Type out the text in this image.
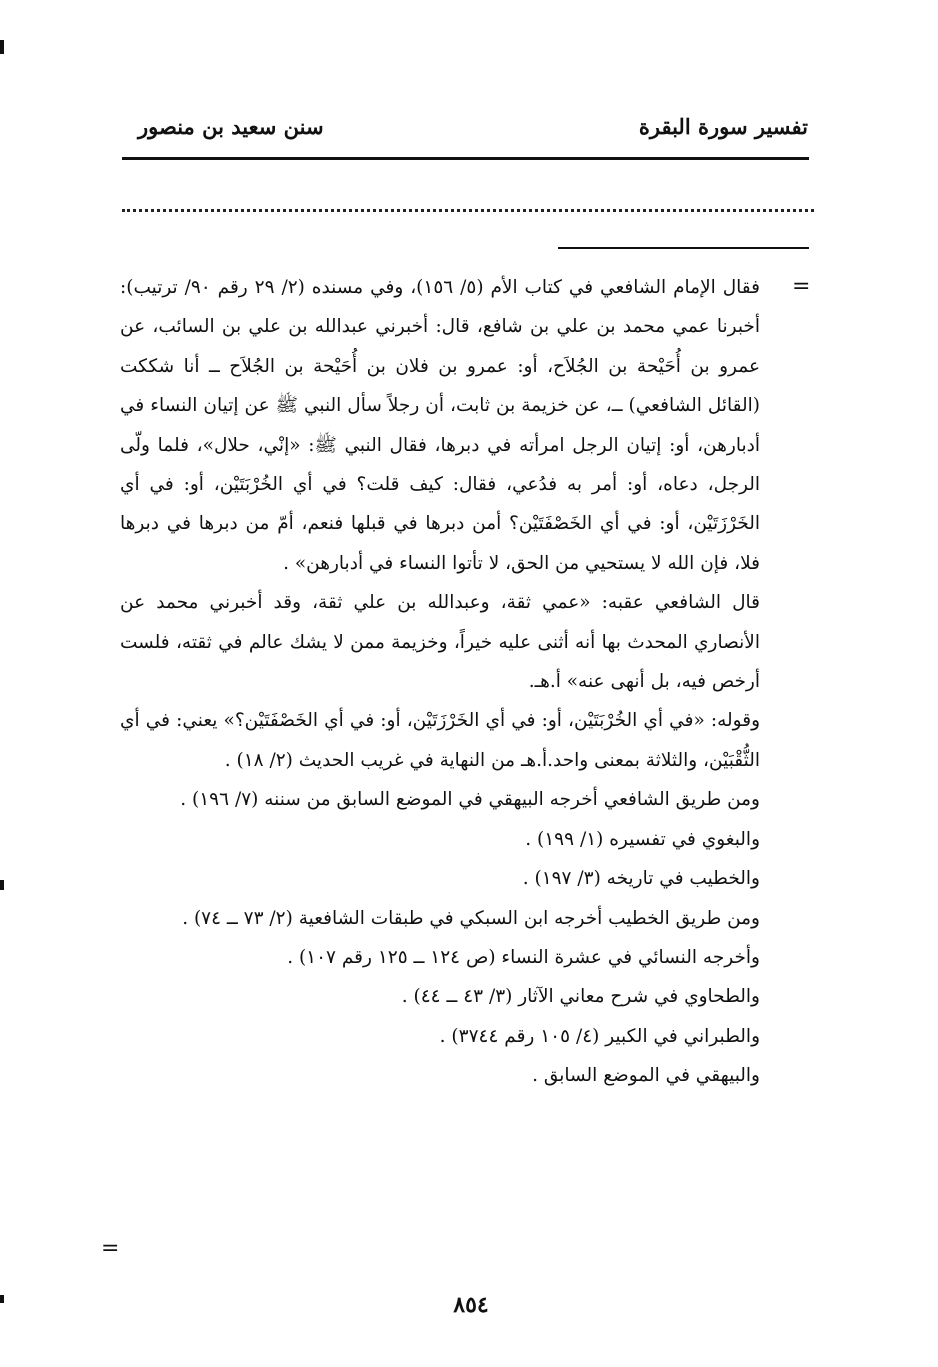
تفسير سورة البقرة
سنن سعيد بن منصور
=

فقال الإمام الشافعي في كتاب الأم (٥/ ١٥٦)، وفي مسنده (٢/ ٢٩ رقم ٩٠/ ترتيب): أخبرنا عمي محمد بن علي بن شافع، قال: أخبرني عبدالله بن علي بن السائب، عن عمرو بن أُحَيْحة بن الجُلاَح، أو: عمرو بن فلان بن أُحَيْحة بن الجُلاَح ــ أنا شككت (القائل الشافعي) ــ، عن خزيمة بن ثابت، أن رجلاً سأل النبي ﷺ عن إتيان النساء في أدبارهن، أو: إتيان الرجل امرأته في دبرها، فقال النبي ﷺ: «إنْي، حلال»، فلما ولّى الرجل، دعاه، أو: أمر به فدُعي، فقال: كيف قلت؟ في أي الخُرْبَتَيْن، أو: في أي الخَرْزَتَيْن، أو: في أي الخَصْفَتَيْن؟ أمن دبرها في قبلها فنعم، أمّ من دبرها في دبرها فلا، فإن الله لا يستحيي من الحق، لا تأتوا النساء في أدبارهن» .

قال الشافعي عقبه: «عمي ثقة، وعبدالله بن علي ثقة، وقد أخبرني محمد عن الأنصاري المحدث بها أنه أثنى عليه خيراً، وخزيمة ممن لا يشك عالم في ثقته، فلست أرخص فيه، بل أنهى عنه» أ.هـ.

وقوله: «في أي الخُرْبَتَيْن، أو: في أي الخَرْزَتَيْن، أو: في أي الخَصْفَتَيْن؟» يعني: في أي الثُّقْبَيْن، والثلاثة بمعنى واحد.أ.هـ من النهاية في غريب الحديث (٢/ ١٨) .

ومن طريق الشافعي أخرجه البيهقي في الموضع السابق من سننه (٧/ ١٩٦) .

والبغوي في تفسيره (١/ ١٩٩) .

والخطيب في تاريخه (٣/ ١٩٧) .

ومن طريق الخطيب أخرجه ابن السبكي في طبقات الشافعية (٢/ ٧٣ ــ ٧٤) .

وأخرجه النسائي في عشرة النساء (ص ١٢٤ ــ ١٢٥ رقم ١٠٧) .

والطحاوي في شرح معاني الآثار (٣/ ٤٣ ــ ٤٤) .

والطبراني في الكبير (٤/ ١٠٥ رقم ٣٧٤٤) .

والبيهقي في الموضع السابق .

=
٨٥٤
